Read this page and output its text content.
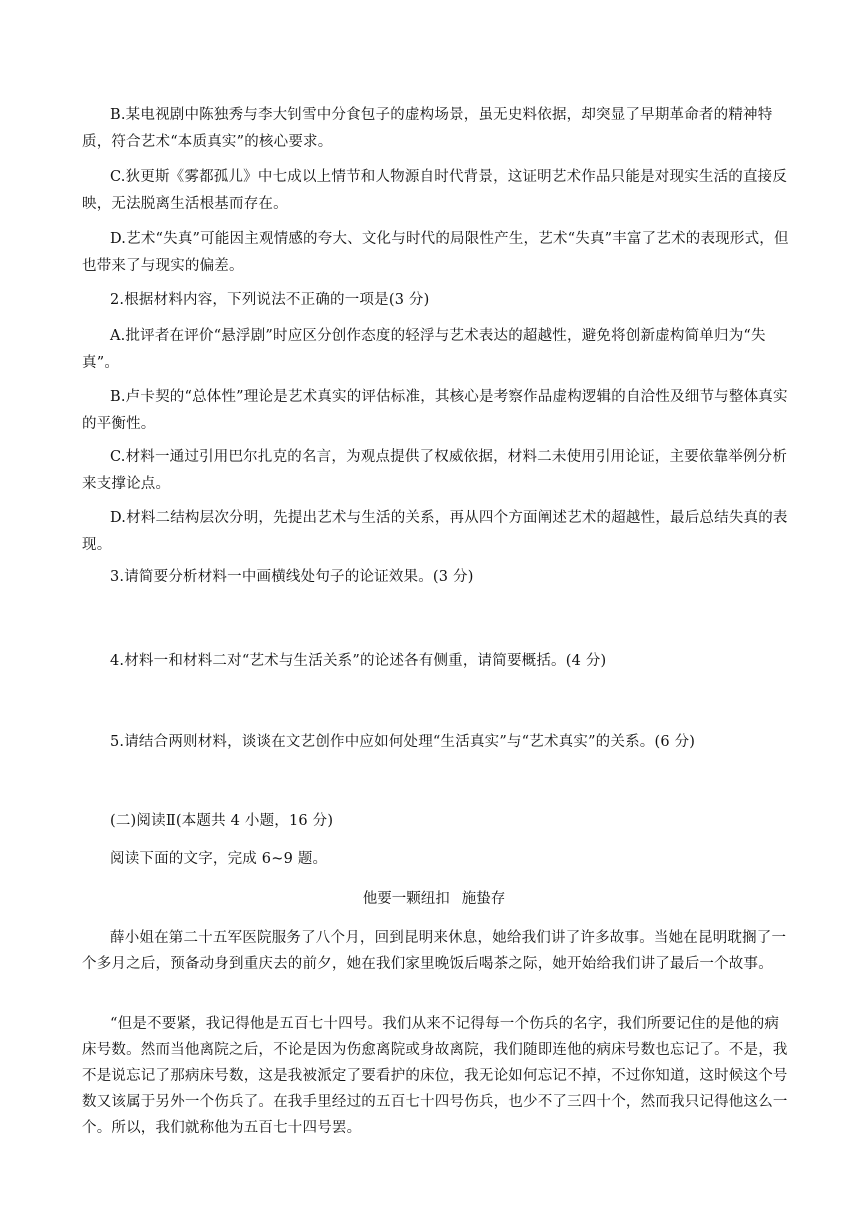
B.某电视剧中陈独秀与李大钊雪中分食包子的虚构场景，虽无史料依据，却突显了早期革命者的精神特质，符合艺术“本质真实”的核心要求。

C.狄更斯《雾都孤儿》中七成以上情节和人物源自时代背景，这证明艺术作品只能是对现实生活的直接反映，无法脱离生活根基而存在。

D.艺术“失真”可能因主观情感的夸大、文化与时代的局限性产生，艺术“失真”丰富了艺术的表现形式，但也带来了与现实的偏差。

2.根据材料内容，下列说法不正确的一项是(3 分)

A.批评者在评价“悬浮剧”时应区分创作态度的轻浮与艺术表达的超越性，避免将创新虚构简单归为“失真”。

B.卢卡契的“总体性”理论是艺术真实的评估标准，其核心是考察作品虚构逻辑的自洽性及细节与整体真实的平衡性。

C.材料一通过引用巴尔扎克的名言，为观点提供了权威依据，材料二未使用引用论证，主要依靠举例分析来支撑论点。

D.材料二结构层次分明，先提出艺术与生活的关系，再从四个方面阐述艺术的超越性，最后总结失真的表现。

3.请简要分析材料一中画横线处句子的论证效果。(3 分)

4.材料一和材料二对“艺术与生活关系”的论述各有侧重，请简要概括。(4 分)

5.请结合两则材料，谈谈在文艺创作中应如何处理“生活真实”与“艺术真实”的关系。(6 分)

(二)阅读Ⅱ(本题共 4 小题，16 分)

阅读下面的文字，完成 6~9 题。

他要一颗纽扣 施蛰存

薛小姐在第二十五军医院服务了八个月，回到昆明来休息，她给我们讲了许多故事。当她在昆明耽搁了一个多月之后，预备动身到重庆去的前夕，她在我们家里晚饭后喝茶之际，她开始给我们讲了最后一个故事。

“但是不要紧，我记得他是五百七十四号。我们从来不记得每一个伤兵的名字，我们所要记住的是他的病床号数。然而当他离院之后，不论是因为伤愈离院或身故离院，我们随即连他的病床号数也忘记了。不是，我不是说忘记了那病床号数，这是我被派定了要看护的床位，我无论如何忘记不掉，不过你知道，这时候这个号数又该属于另外一个伤兵了。在我手里经过的五百七十四号伤兵，也少不了三四十个，然而我只记得他这么一个。所以，我们就称他为五百七十四号罢。
